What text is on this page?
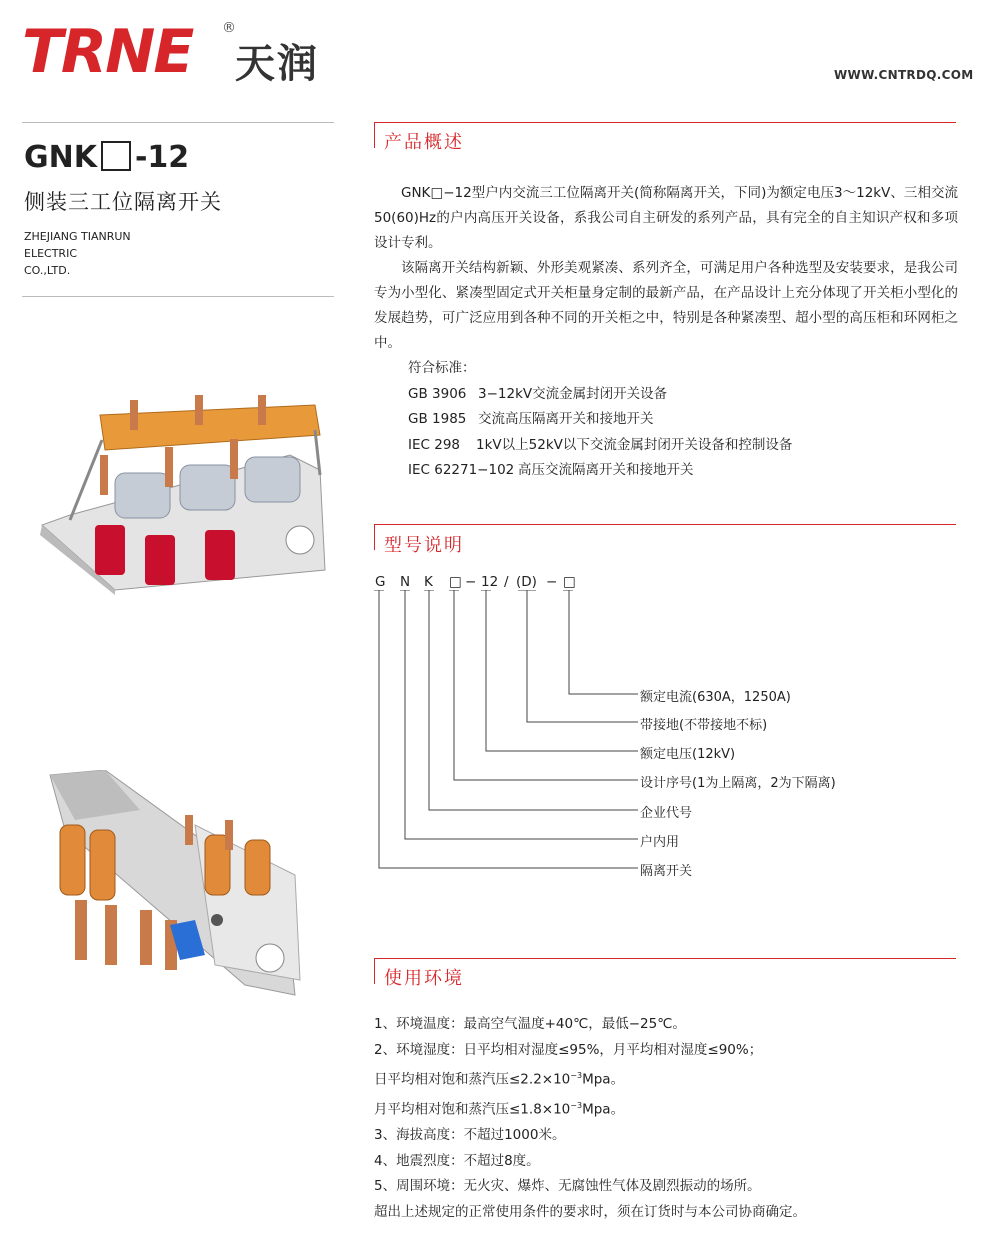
TRNE ®
天润	WWW.CNTRDQ.COM
GNK -12
侧装三工位隔离开关
ZHEJIANG TIANRUN
ELECTRIC
CO.,LTD.
产品概述

GNK□−12型户内交流三工位隔离开关(简称隔离开关，下同)为额定电压3～12kV、三相交流50(60)Hz的户内高压开关设备，系我公司自主研发的系列产品，具有完全的自主知识产权和多项设计专利。

该隔离开关结构新颖、外形美观紧凑、系列齐全，可满足用户各种选型及安装要求，是我公司专为小型化、紧凑型固定式开关柜量身定制的最新产品，在产品设计上充分体现了开关柜小型化的发展趋势，可广泛应用到各种不同的开关柜之中，特别是各种紧凑型、超小型的高压柜和环网柜之中。

符合标准：
GB 3906 3−12kV交流金属封闭开关设备
GB 1985 交流高压隔离开关和接地开关
IEC 298 1kV以上52kV以下交流金属封闭开关设备和控制设备
IEC 62271−102 高压交流隔离开关和接地开关
型号说明
G N K □ − 12 / (D) − □
额定电流(630A，1250A)
带接地(不带接地不标)
额定电压(12kV)
设计序号(1为上隔离，2为下隔离)
企业代号
户内用
隔离开关
使用环境
1、环境温度：最高空气温度+40℃，最低−25℃。
2、环境湿度：日平均相对湿度≤95%，月平均相对湿度≤90%；
日平均相对饱和蒸汽压$\le 2.2\times 10^{-3}Mpa$。
月平均相对饱和蒸汽压$\le 1.8\times 10^{-3}Mpa$。
3、海拔高度：不超过1000米。
4、地震烈度：不超过8度。
5、周围环境：无火灾、爆炸、无腐蚀性气体及剧烈振动的场所。
超出上述规定的正常使用条件的要求时，须在订货时与本公司协商确定。
